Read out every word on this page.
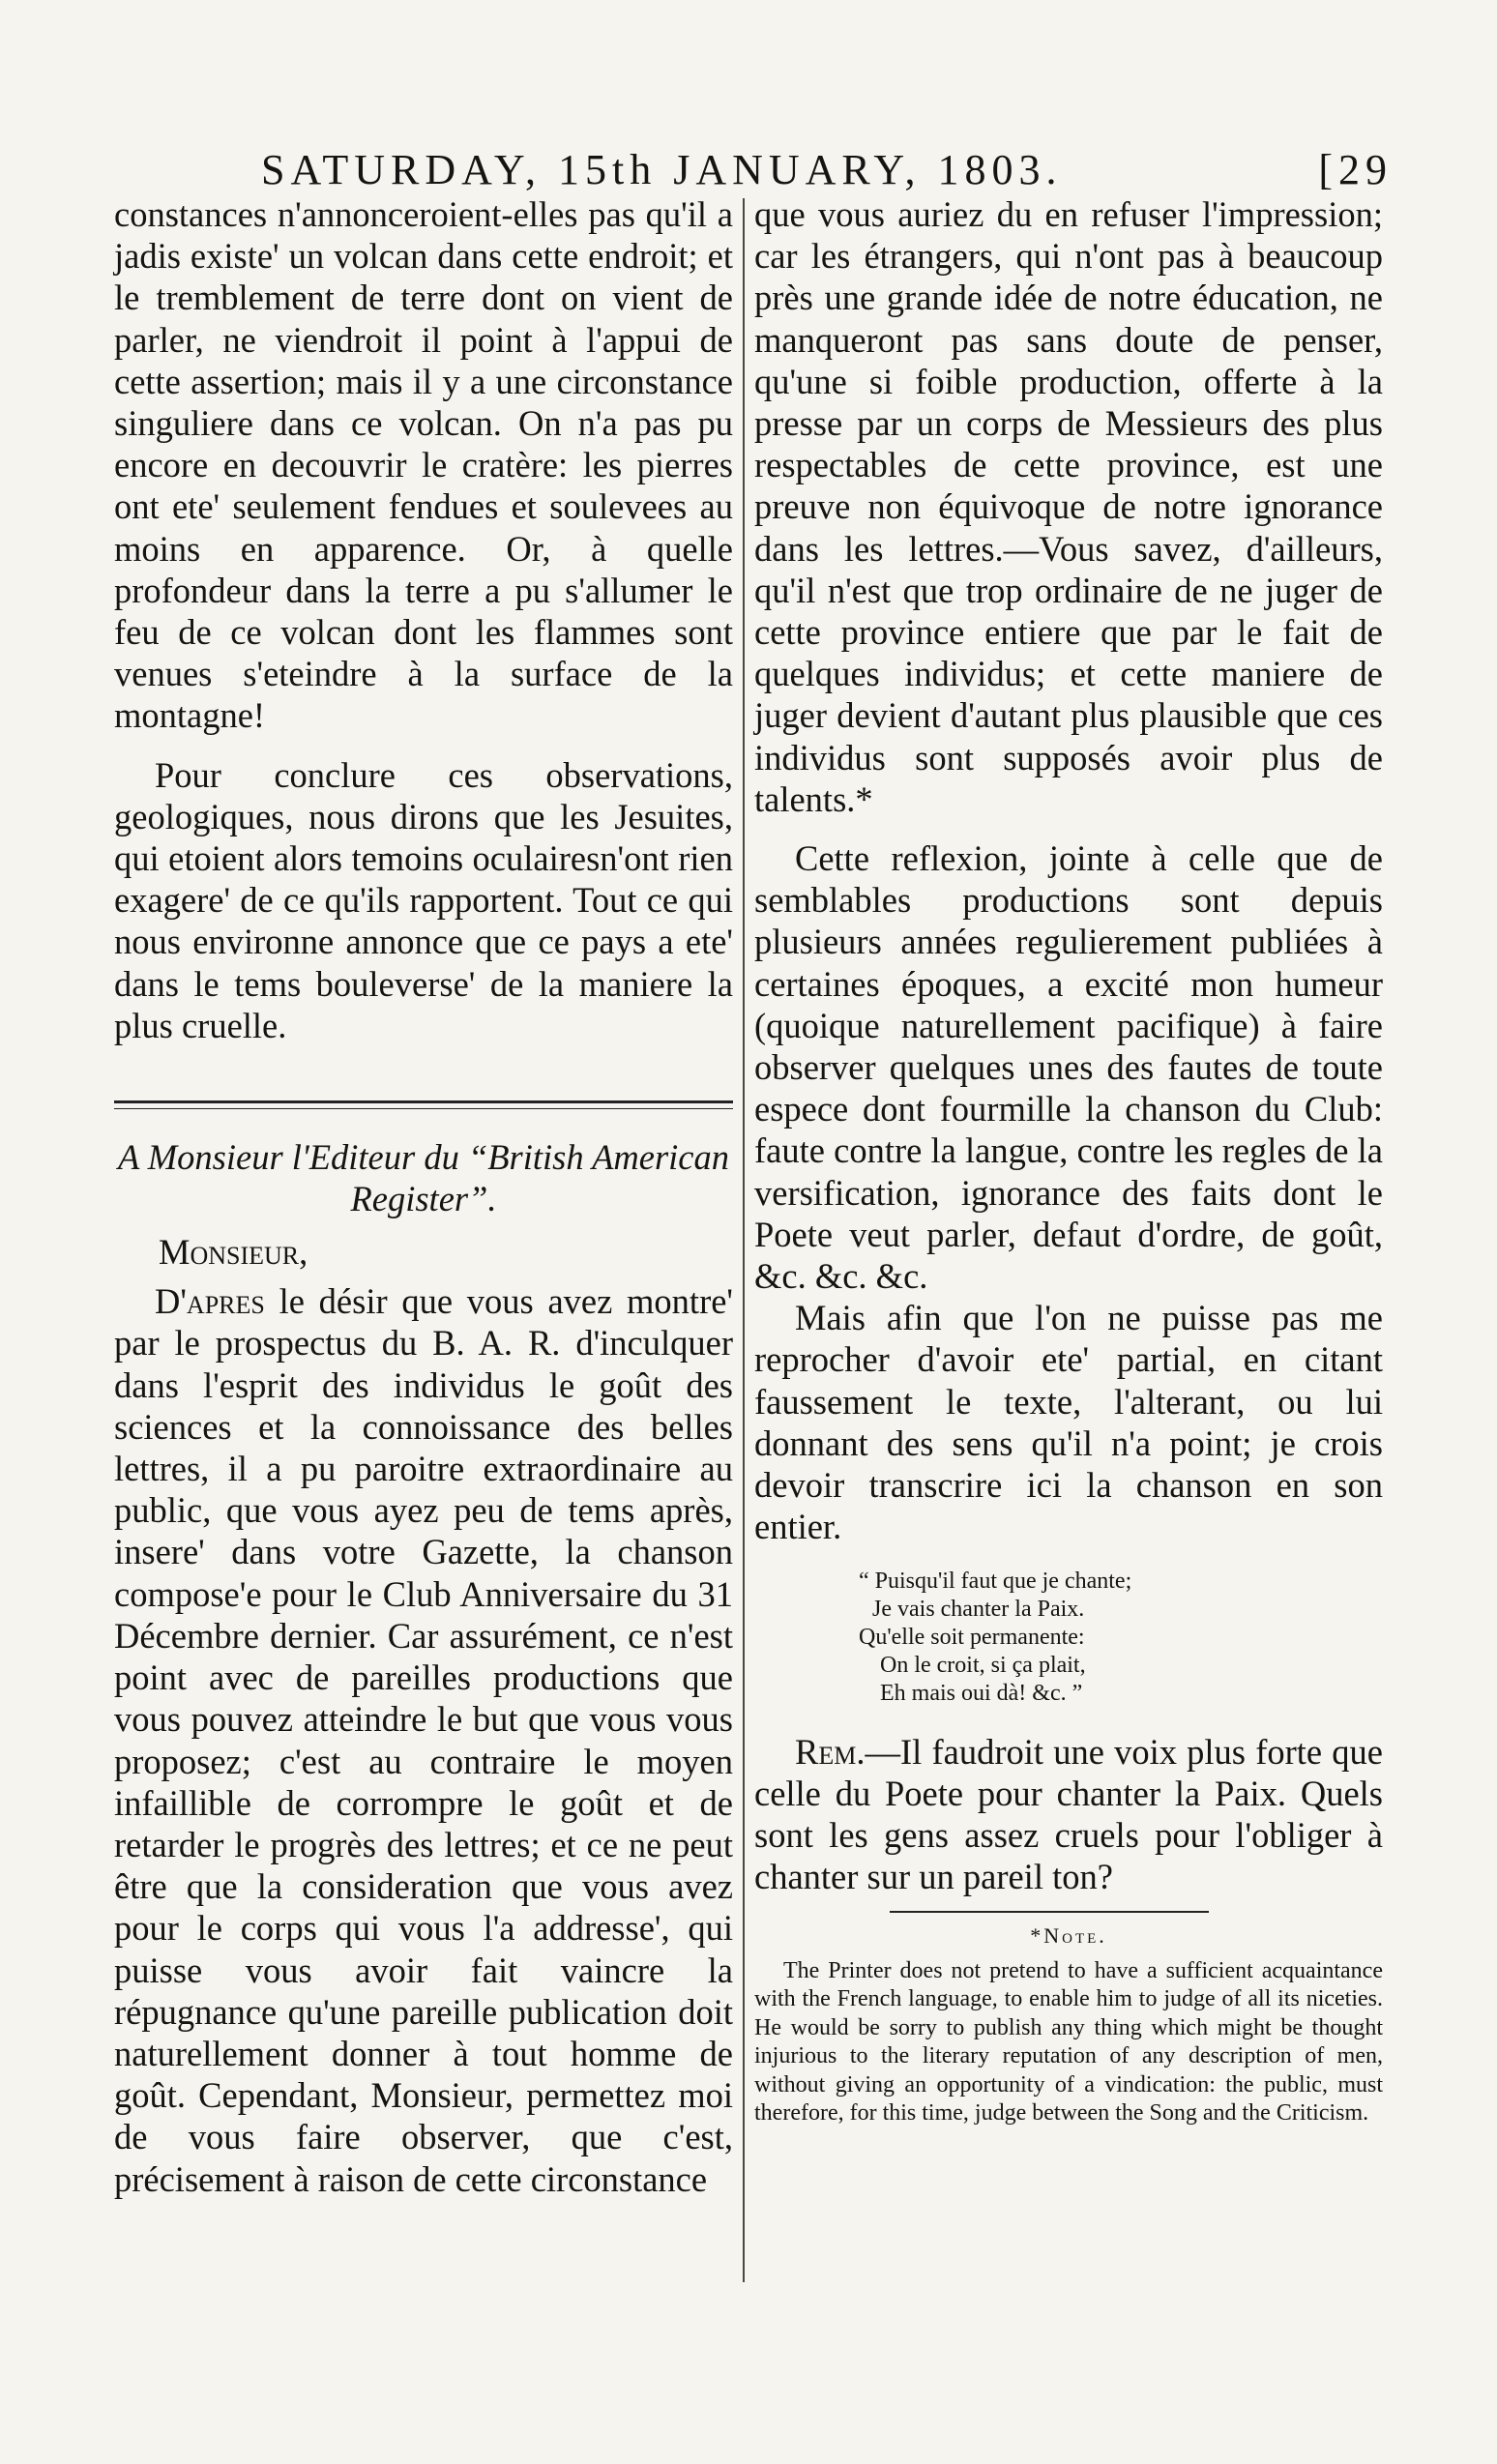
SATURDAY, 15th JANUARY, 1803.	[29

constances n'annonceroient-elles pas qu'il a jadis existe' un volcan dans cette endroit; et le tremblement de terre dont on vient de parler, ne viendroit il point à l'appui de cette assertion; mais il y a une circonstance singuliere dans ce volcan. On n'a pas pu encore en decouvrir le cratère: les pierres ont ete' seulement fendues et soulevees au moins en apparence. Or, à quelle profondeur dans la terre a pu s'allumer le feu de ce volcan dont les flammes sont venues s'eteindre à la surface de la montagne!

Pour conclure ces observations, geologiques, nous dirons que les Jesuites, qui etoient alors temoins oculairesn'ont rien exagere' de ce qu'ils rapportent. Tout ce qui nous environne annonce que ce pays a ete' dans le tems bouleverse' de la maniere la plus cruelle.

A Monsieur l'Editeur du “British American Register”.
Monsieur,

D'apres le désir que vous avez montre' par le prospectus du B. A. R. d'inculquer dans l'esprit des individus le goût des sciences et la connoissance des belles lettres, il a pu paroitre extraordinaire au public, que vous ayez peu de tems après, insere' dans votre Gazette, la chanson compose'e pour le Club Anniversaire du 31 Décembre dernier. Car assurément, ce n'est point avec de pareilles productions que vous pouvez atteindre le but que vous vous proposez; c'est au contraire le moyen infaillible de corrompre le goût et de retarder le progrès des lettres; et ce ne peut être que la consideration que vous avez pour le corps qui vous l'a addresse', qui puisse vous avoir fait vaincre la répugnance qu'une pareille publication doit naturellement donner à tout homme de goût. Cependant, Monsieur, permettez moi de vous faire observer, que c'est, précisement à raison de cette circonstance

que vous auriez du en refuser l'impression; car les étrangers, qui n'ont pas à beaucoup près une grande idée de notre éducation, ne manqueront pas sans doute de penser, qu'une si foible production, offerte à la presse par un corps de Messieurs des plus respectables de cette province, est une preuve non équivoque de notre ignorance dans les lettres.—Vous savez, d'ailleurs, qu'il n'est que trop ordinaire de ne juger de cette province entiere que par le fait de quelques individus; et cette maniere de juger devient d'autant plus plausible que ces individus sont supposés avoir plus de talents.*

Cette reflexion, jointe à celle que de semblables productions sont depuis plusieurs années regulierement publiées à certaines époques, a excité mon humeur (quoique naturellement pacifique) à faire observer quelques unes des fautes de toute espece dont fourmille la chanson du Club: faute contre la langue, contre les regles de la versification, ignorance des faits dont le Poete veut parler, defaut d'ordre, de goût, &c. &c. &c.

Mais afin que l'on ne puisse pas me reprocher d'avoir ete' partial, en citant faussement le texte, l'alterant, ou lui donnant des sens qu'il n'a point; je crois devoir transcrire ici la chanson en son entier.

“ Puisqu'il faut que je chante;
Je vais chanter la Paix.
Qu'elle soit permanente:
On le croit, si ça plait,
Eh mais oui dà! &c. ”

Rem.—Il faudroit une voix plus forte que celle du Poete pour chanter la Paix. Quels sont les gens assez cruels pour l'obliger à chanter sur un pareil ton?

*Note.

The Printer does not pretend to have a sufficient acquaintance with the French language, to enable him to judge of all its niceties. He would be sorry to publish any thing which might be thought injurious to the literary reputation of any description of men, without giving an opportunity of a vindication: the public, must therefore, for this time, judge between the Song and the Criticism.
